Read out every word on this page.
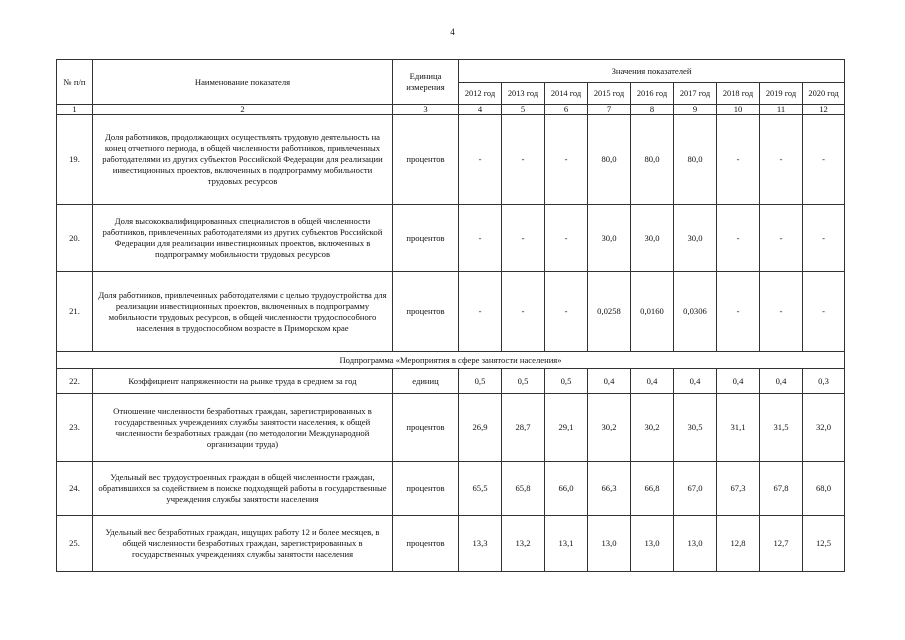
4
№ п/п	Наименование показателя	Единица измерения	Значения показателей								
			2012 год	2013 год	2014 год	2015 год	2016 год	2017 год	2018 год	2019 год	2020 год
1	2	3	4	5	6	7	8	9	10	11	12
19.	Доля работников, продолжающих осуществлять трудовую деятельность на конец отчетного периода, в общей численности работников, привлеченных работодателями из других субъектов Российской Федерации для реализации инвестиционных проектов, включенных в подпрограмму мобильности трудовых ресурсов	процентов	-	-	-	80,0	80,0	80,0	-	-	-
20.	Доля высококвалифицированных специалистов в общей численности работников, привлеченных работодателями из других субъектов Российской Федерации для реализации инвестиционных проектов, включенных в подпрограмму мобильности трудовых ресурсов	процентов	-	-	-	30,0	30,0	30,0	-	-	-
21.	Доля работников, привлеченных работодателями с целью трудоустройства для реализации инвестиционных проектов, включенных в подпрограмму мобильности трудовых ресурсов, в общей численности трудоспособного населения в трудоспособном возрасте в Приморском крае	процентов	-	-	-	0,0258	0,0160	0,0306	-	-	-
Подпрограмма «Мероприятия в сфере занятости населения»											
22.	Коэффициент напряженности на рынке труда в среднем за год	единиц	0,5	0,5	0,5	0,4	0,4	0,4	0,4	0,4	0,3
23.	Отношение численности безработных граждан, зарегистрированных в государственных учреждениях службы занятости населения, к общей численности безработных граждан (по методологии Международной организации труда)	процентов	26,9	28,7	29,1	30,2	30,2	30,5	31,1	31,5	32,0
24.	Удельный вес трудоустроенных граждан в общей численности граждан, обратившихся за содействием в поиске подходящей работы в государственные учреждения службы занятости населения	процентов	65,5	65,8	66,0	66,3	66,8	67,0	67,3	67,8	68,0
25.	Удельный вес безработных граждан, ищущих работу 12 и более месяцев, в общей численности безработных граждан, зарегистрированных в государственных учреждениях службы занятости населения	процентов	13,3	13,2	13,1	13,0	13,0	13,0	12,8	12,7	12,5
